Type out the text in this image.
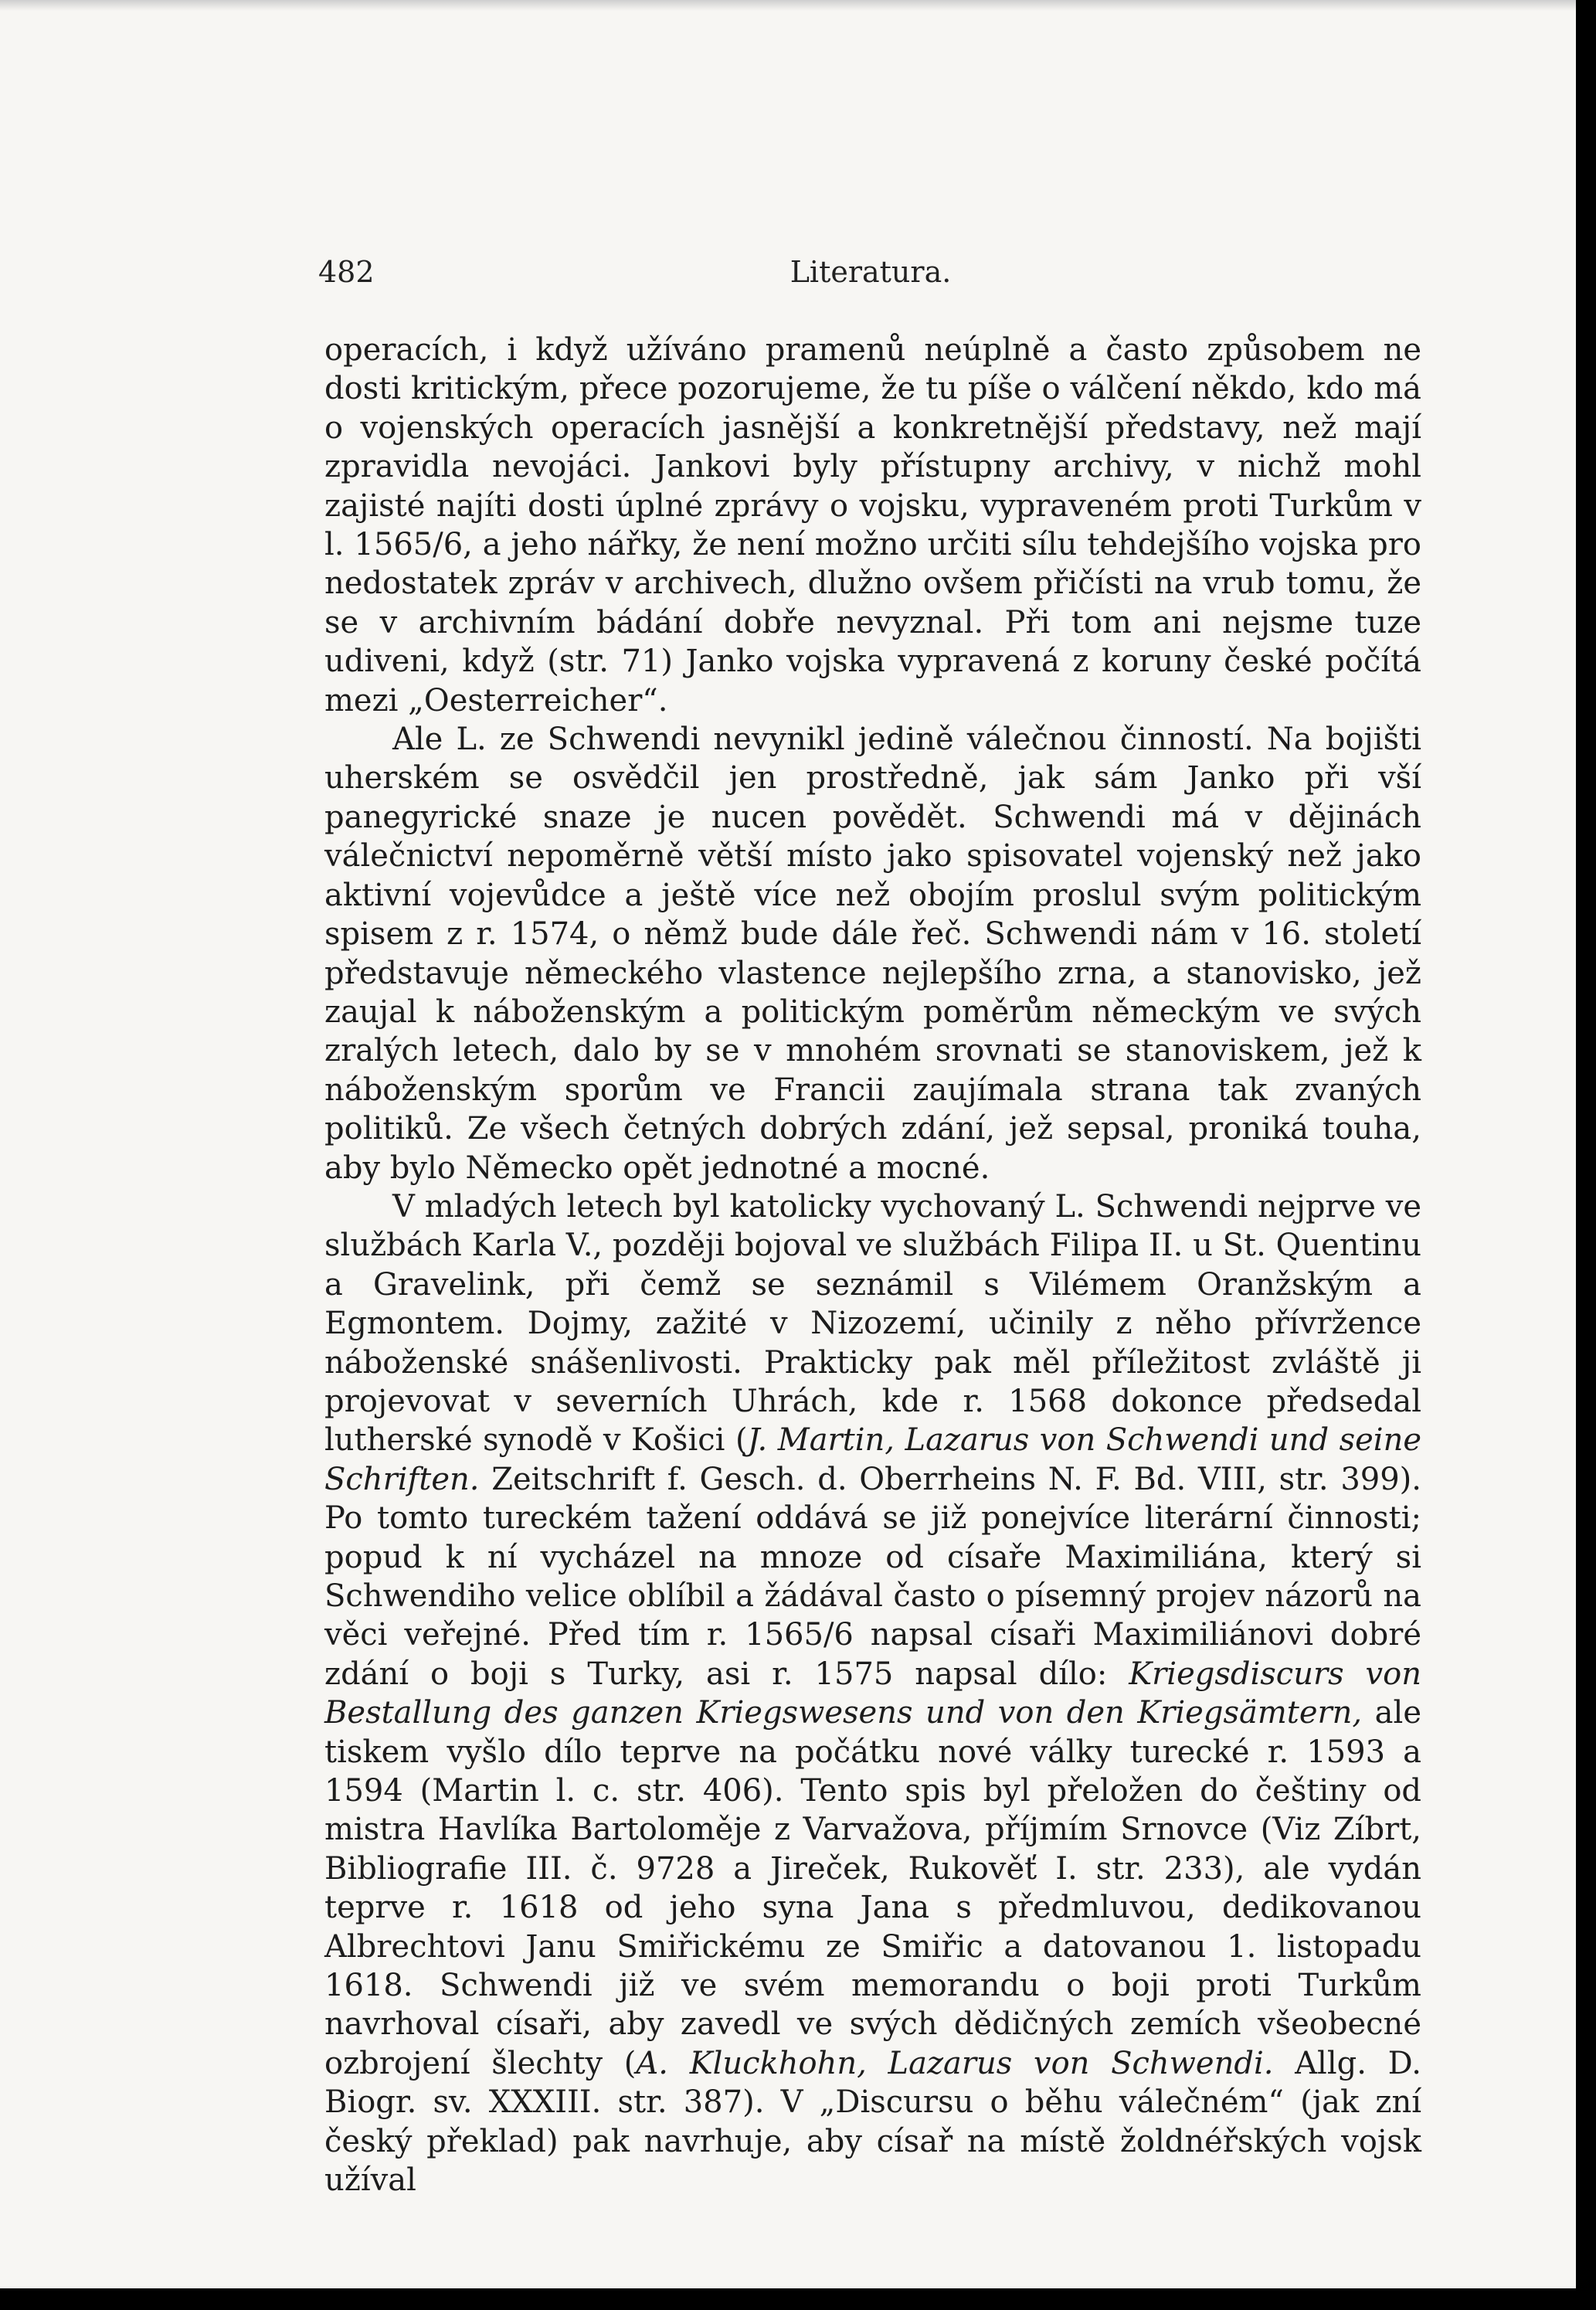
482	Literatura.

operacích, i když užíváno pramenů neúplně a často způsobem ne dosti kritickým, přece pozorujeme, že tu píše o válčení někdo, kdo má o vojenských operacích jasnější a konkretnější představy, než mají zpravidla nevojáci. Jankovi byly přístupny archivy, v nichž mohl zajisté najíti dosti úplné zprávy o vojsku, vypraveném proti Turkům v l. 1565/6, a jeho nářky, že není možno určiti sílu tehdejšího vojska pro nedostatek zpráv v archivech, dlužno ovšem přičísti na vrub tomu, že se v archivním bádání dobře nevyznal. Při tom ani nejsme tuze udiveni, když (str. 71) Janko vojska vypravená z koruny české počítá mezi „Oesterreicher“.

Ale L. ze Schwendi nevynikl jedině válečnou činností. Na bojišti uherském se osvědčil jen prostředně, jak sám Janko při vší panegyrické snaze je nucen povědět. Schwendi má v dějinách válečnictví nepoměrně větší místo jako spisovatel vojenský než jako aktivní vojevůdce a ještě více než obojím proslul svým politickým spisem z r. 1574, o němž bude dále řeč. Schwendi nám v 16. století představuje německého vlastence nejlepšího zrna, a stanovisko, jež zaujal k náboženským a politickým poměrům německým ve svých zralých letech, dalo by se v mnohém srovnati se stanoviskem, jež k náboženským sporům ve Francii zaujímala strana tak zvaných politiků. Ze všech četných dobrých zdání, jež sepsal, proniká touha, aby bylo Německo opět jednotné a mocné.

V mladých letech byl katolicky vychovaný L. Schwendi nejprve ve službách Karla V., později bojoval ve službách Filipa II. u St. Quentinu a Gravelink, při čemž se seznámil s Vilémem Oranžským a Egmontem. Dojmy, zažité v Nizozemí, učinily z něho přívržence náboženské snášenlivosti. Prakticky pak měl příležitost zvláště ji projevovat v severních Uhrách, kde r. 1568 dokonce předsedal lutherské synodě v Košici (J. Martin, Lazarus von Schwendi und seine Schriften. Zeitschrift f. Gesch. d. Oberrheins N. F. Bd. VIII, str. 399). Po tomto tureckém tažení oddává se již ponejvíce literární činnosti; popud k ní vycházel na mnoze od císaře Maximiliána, který si Schwendiho velice oblíbil a žádával často o písemný projev názorů na věci veřejné. Před tím r. 1565/6 napsal císaři Maximiliánovi dobré zdání o boji s Turky, asi r. 1575 napsal dílo: Kriegsdiscurs von Bestallung des ganzen Kriegswesens und von den Kriegsämtern, ale tiskem vyšlo dílo teprve na počátku nové války turecké r. 1593 a 1594 (Martin l. c. str. 406). Tento spis byl přeložen do češtiny od mistra Havlíka Bartoloměje z Varvažova, příjmím Srnovce (Viz Zíbrt, Bibliografie III. č. 9728 a Jireček, Rukověť I. str. 233), ale vydán teprve r. 1618 od jeho syna Jana s předmluvou, dedikovanou Albrechtovi Janu Smiřickému ze Smiřic a datovanou 1. listopadu 1618. Schwendi již ve svém memorandu o boji proti Turkům navrhoval císaři, aby zavedl ve svých dědičných zemích všeobecné ozbrojení šlechty (A. Kluckhohn, Lazarus von Schwendi. Allg. D. Biogr. sv. XXXIII. str. 387). V „Discursu o běhu válečném“ (jak zní český překlad) pak navrhuje, aby císař na místě žoldnéřských vojsk užíval
